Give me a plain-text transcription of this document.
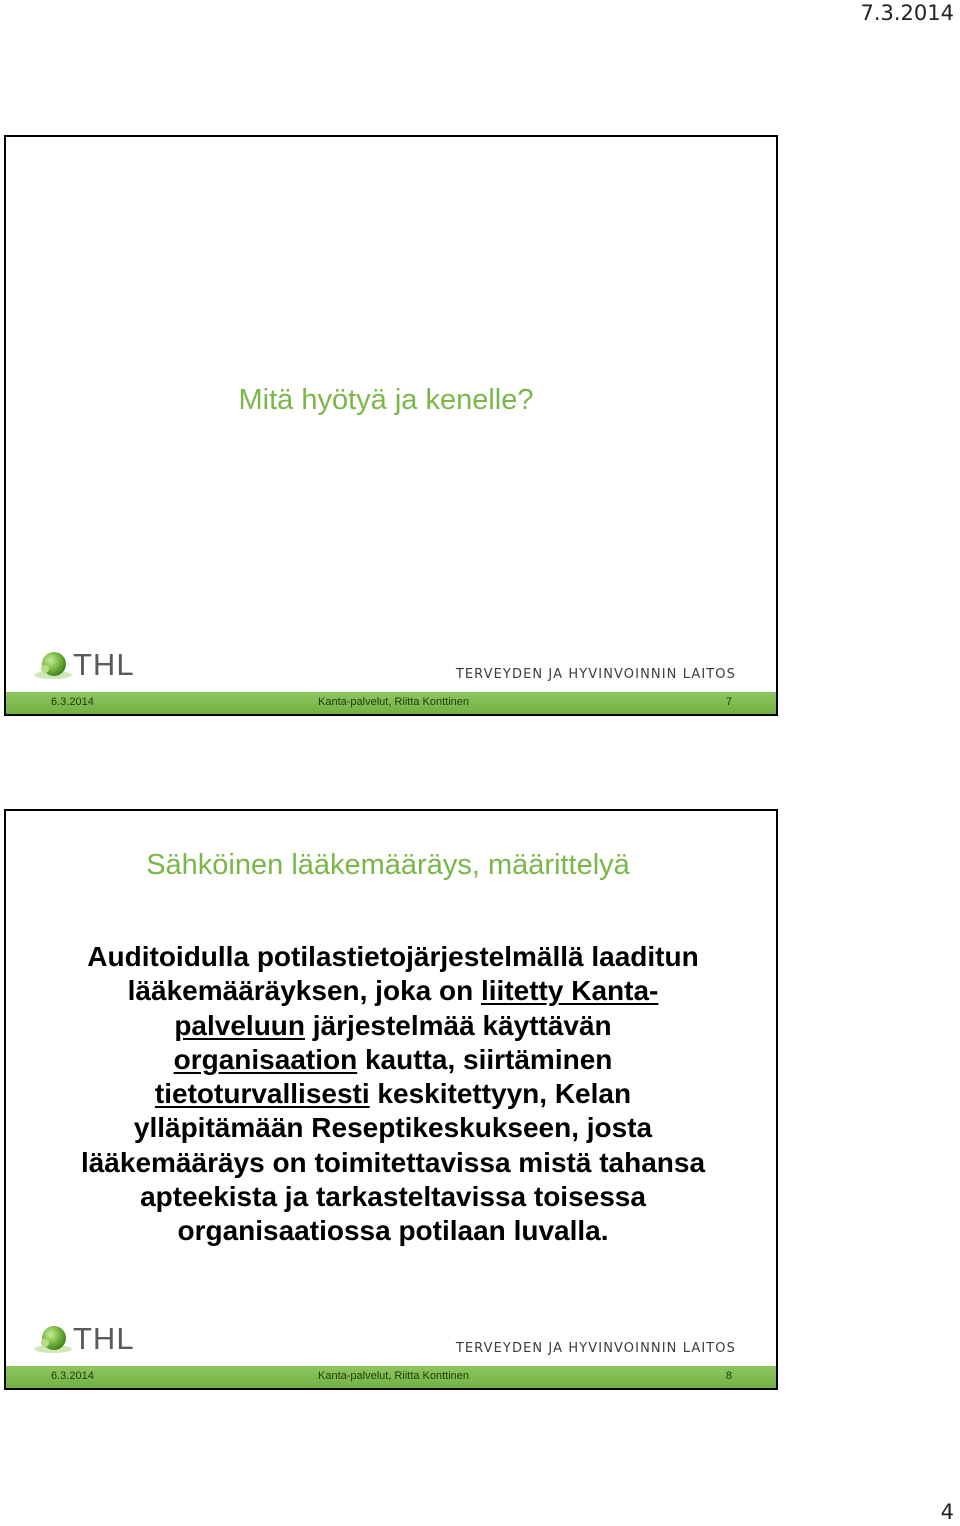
7.3.2014
Mitä hyötyä ja kenelle?
THL	TERVEYDEN JA HYVINVOINNIN LAITOS
6.3.2014	Kanta-palvelut, Riitta Konttinen	7
Sähköinen lääkemääräys, määrittelyä
Auditoidulla potilastietojärjestelmällä laaditun
lääkemääräyksen, joka on liitetty Kanta-
palveluun järjestelmää käyttävän
organisaation kautta, siirtäminen
tietoturvallisesti keskitettyyn, Kelan
ylläpitämään Reseptikeskukseen, josta
lääkemääräys on toimitettavissa mistä tahansa
apteekista ja tarkasteltavissa toisessa
organisaatiossa potilaan luvalla.
THL	TERVEYDEN JA HYVINVOINNIN LAITOS
6.3.2014	Kanta-palvelut, Riitta Konttinen	8
4
